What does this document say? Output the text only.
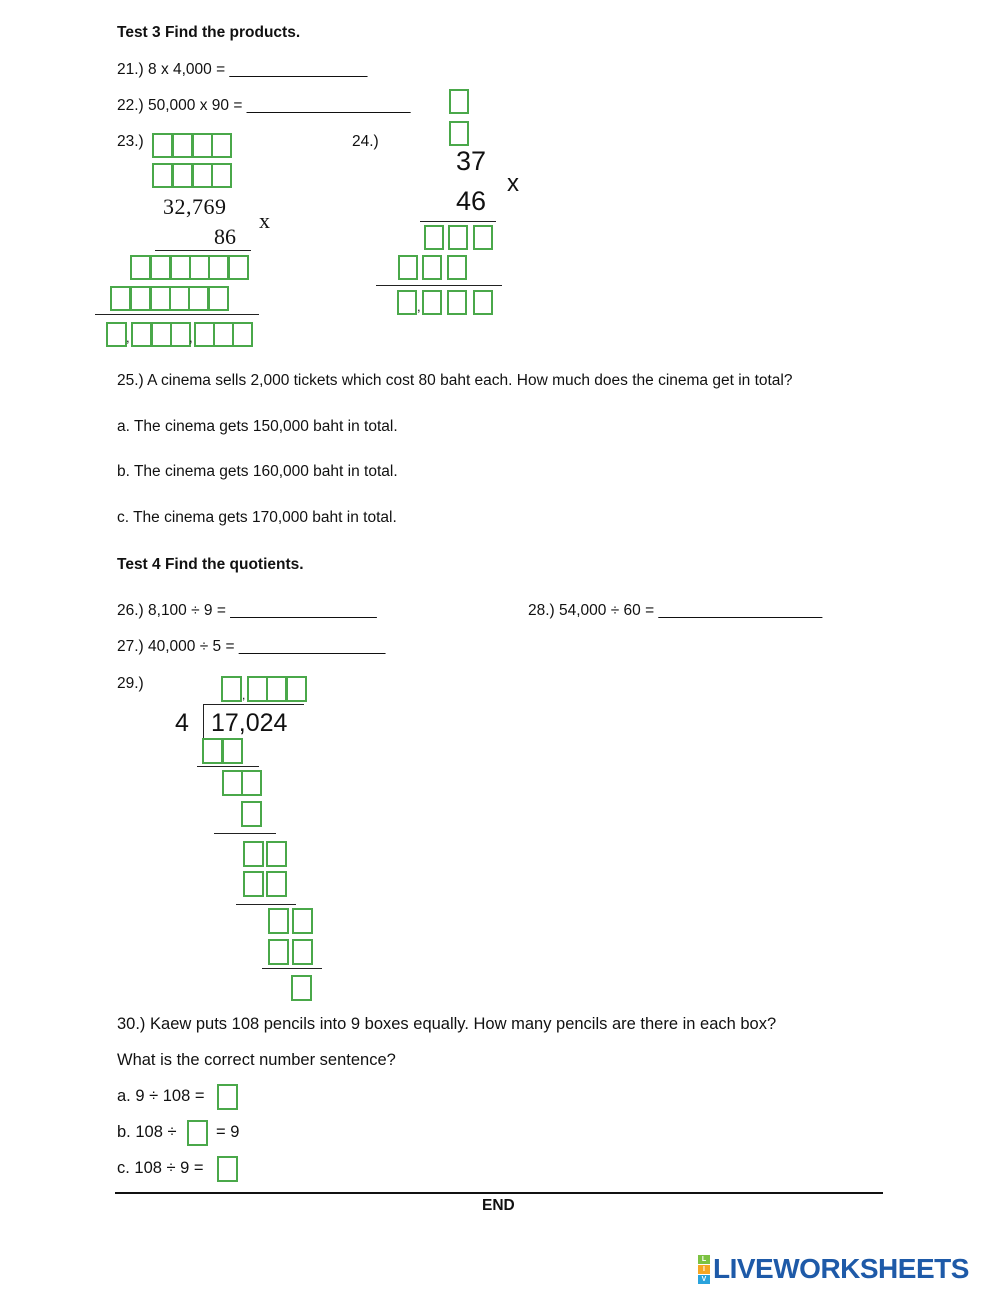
Test 3 Find the products.
21.) 8 x 4,000 = ________________
22.) 50,000 x 90 = ___________________
23.)
32,769
86
x
,	,
24.)
37
46
x
,
25.) A cinema sells 2,000 tickets which cost 80 baht each. How much does the cinema get in total?
a. The cinema gets 150,000 baht in total.
b. The cinema gets 160,000 baht in total.
c. The cinema gets 170,000 baht in total.
Test 4 Find the quotients.
26.) 8,100 ÷ 9 = _________________	28.) 54,000 ÷ 60 = ___________________
27.) 40,000 ÷ 5 = _________________
29.)
,
4 17,024
30.) Kaew puts 108 pencils into 9 boxes equally. How many pencils are there in each box?
What is the correct number sentence?
a. 9 ÷ 108 =
b. 108 ÷ = 9
c. 108 ÷ 9 =
END
L
I
V LIVEWORKSHEETS
